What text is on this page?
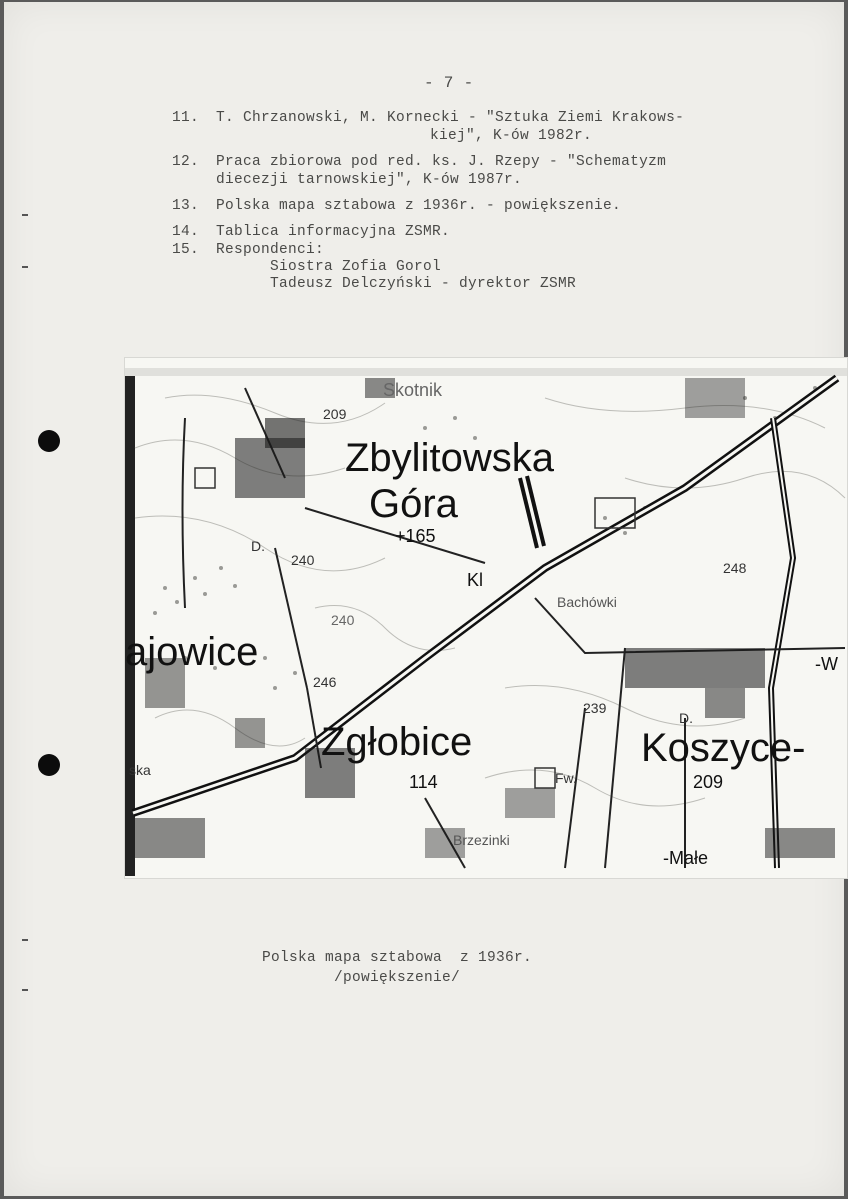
- 7 -
11. T. Chrzanowski, M. Kornecki - "Sztuka Ziemi Krakows-
kiej", K-ów 1982r.
12. Praca zbiorowa pod red. ks. J. Rzepy - "Schematyzm
diecezji tarnowskiej", K-ów 1987r.
13. Polska mapa sztabowa z 1936r. - powiększenie.
14. Tablica informacyjna ZSMR.
15. Respondenci:
Siostra Zofia Gorol
Tadeusz Delczyński - dyrektor ZSMR
Skotnik
209
Zbylitowska
Góra
+165
D.
240
240
Kl
Bachówki
248
ajowice
246
239
D.
Zgłobice	Koszyce-
114	Fw.	209
ska
-W
Brzezinki
-Małe
Polska mapa sztabowa  z 1936r.
/powiększenie/
